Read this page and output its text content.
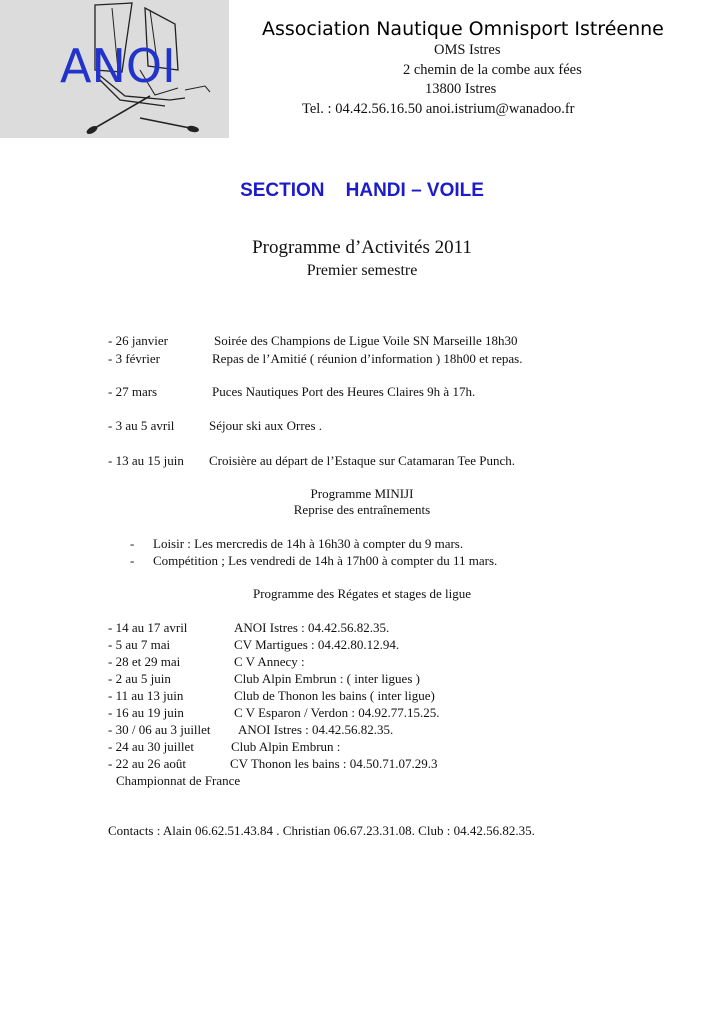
ANOI
Association Nautique Omnisport Istréenne
OMS Istres
2 chemin de la combe aux fées
13800 Istres
Tel. : 04.42.56.16.50 anoi.istrium@wanadoo.fr
SECTION    HANDI – VOILE
Programme d’Activités 2011
Premier semestre
- 26 janvier	Soirée des Champions de Ligue Voile SN Marseille 18h30
- 3 février	Repas de l’Amitié ( réunion d’information ) 18h00 et repas.
- 27 mars	Puces Nautiques Port des Heures Claires 9h à 17h.
- 3 au 5 avril	Séjour ski aux Orres .
- 13 au 15 juin Croisière au départ de l’Estaque sur Catamaran Tee Punch.
Programme MINIJI
Reprise des entraînements
- Loisir : Les mercredis de 14h à 16h30 à compter du 9 mars.
- Compétition ; Les vendredi de 14h à 17h00 à compter du 11 mars.
Programme des Régates et stages de ligue
- 14 au 17 avril	ANOI Istres : 04.42.56.82.35.
- 5 au 7 mai	CV Martigues : 04.42.80.12.94.
- 28 et 29 mai	C V Annecy :
- 2 au 5 juin	Club Alpin Embrun : ( inter ligues )
- 11 au 13 juin	Club de Thonon les bains ( inter ligue)
- 16 au 19 juin	C V Esparon / Verdon : 04.92.77.15.25.
- 30 / 06 au 3 juillet ANOI Istres : 04.42.56.82.35.
- 24 au 30 juillet	Club Alpin Embrun :
- 22 au 26 août	CV Thonon les bains : 04.50.71.07.29.3
Championnat de France
Contacts : Alain 06.62.51.43.84 . Christian 06.67.23.31.08. Club : 04.42.56.82.35.
